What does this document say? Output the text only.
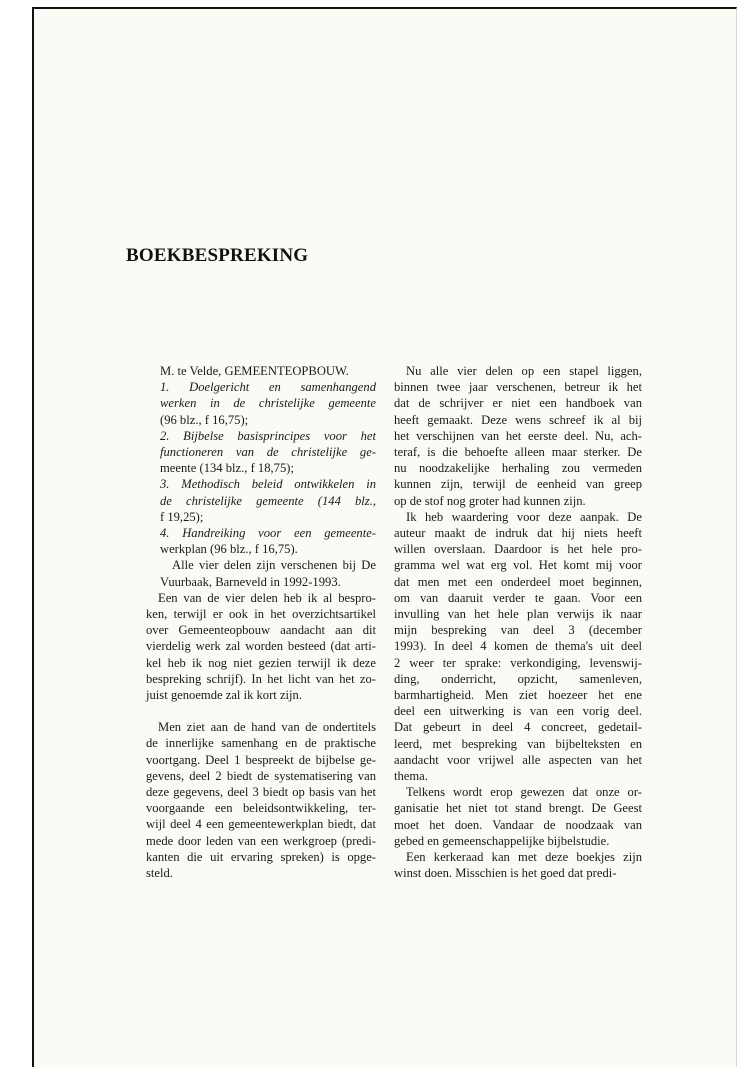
BOEKBESPREKING
M. te Velde, GEMEENTEOPBOUW.
1. Doelgericht en samenhangend
werken in de christelijke gemeente
(96 blz., f 16,75);
2. Bijbelse basisprincipes voor het
functioneren van de christelijke ge-
meente (134 blz., f 18,75);
3. Methodisch beleid ontwikkelen in
de christelijke gemeente (144 blz.,
f 19,25);
4. Handreiking voor een gemeente-
werkplan (96 blz., f 16,75).
Alle vier delen zijn verschenen bij De
Vuurbaak, Barneveld in 1992-1993.
Een van de vier delen heb ik al bespro-
ken, terwijl er ook in het overzichtsartikel
over Gemeenteopbouw aandacht aan dit
vierdelig werk zal worden besteed (dat arti-
kel heb ik nog niet gezien terwijl ik deze
bespreking schrijf). In het licht van het zo-
juist genoemde zal ik kort zijn.
Men ziet aan de hand van de ondertitels
de innerlijke samenhang en de praktische
voortgang. Deel 1 bespreekt de bijbelse ge-
gevens, deel 2 biedt de systematisering van
deze gegevens, deel 3 biedt op basis van het
voorgaande een beleidsontwikkeling, ter-
wijl deel 4 een gemeentewerkplan biedt, dat
mede door leden van een werkgroep (predi-
kanten die uit ervaring spreken) is opge-
steld.
Nu alle vier delen op een stapel liggen,
binnen twee jaar verschenen, betreur ik het
dat de schrijver er niet een handboek van
heeft gemaakt. Deze wens schreef ik al bij
het verschijnen van het eerste deel. Nu, ach-
teraf, is die behoefte alleen maar sterker. De
nu noodzakelijke herhaling zou vermeden
kunnen zijn, terwijl de eenheid van greep
op de stof nog groter had kunnen zijn.
Ik heb waardering voor deze aanpak. De
auteur maakt de indruk dat hij niets heeft
willen overslaan. Daardoor is het hele pro-
gramma wel wat erg vol. Het komt mij voor
dat men met een onderdeel moet beginnen,
om van daaruit verder te gaan. Voor een
invulling van het hele plan verwijs ik naar
mijn bespreking van deel 3 (december
1993). In deel 4 komen de thema's uit deel
2 weer ter sprake: verkondiging, levenswij-
ding, onderricht, opzicht, samenleven,
barmhartigheid. Men ziet hoezeer het ene
deel een uitwerking is van een vorig deel.
Dat gebeurt in deel 4 concreet, gedetail-
leerd, met bespreking van bijbelteksten en
aandacht voor vrijwel alle aspecten van het
thema.
Telkens wordt erop gewezen dat onze or-
ganisatie het niet tot stand brengt. De Geest
moet het doen. Vandaar de noodzaak van
gebed en gemeenschappelijke bijbelstudie.
Een kerkeraad kan met deze boekjes zijn
winst doen. Misschien is het goed dat predi-
